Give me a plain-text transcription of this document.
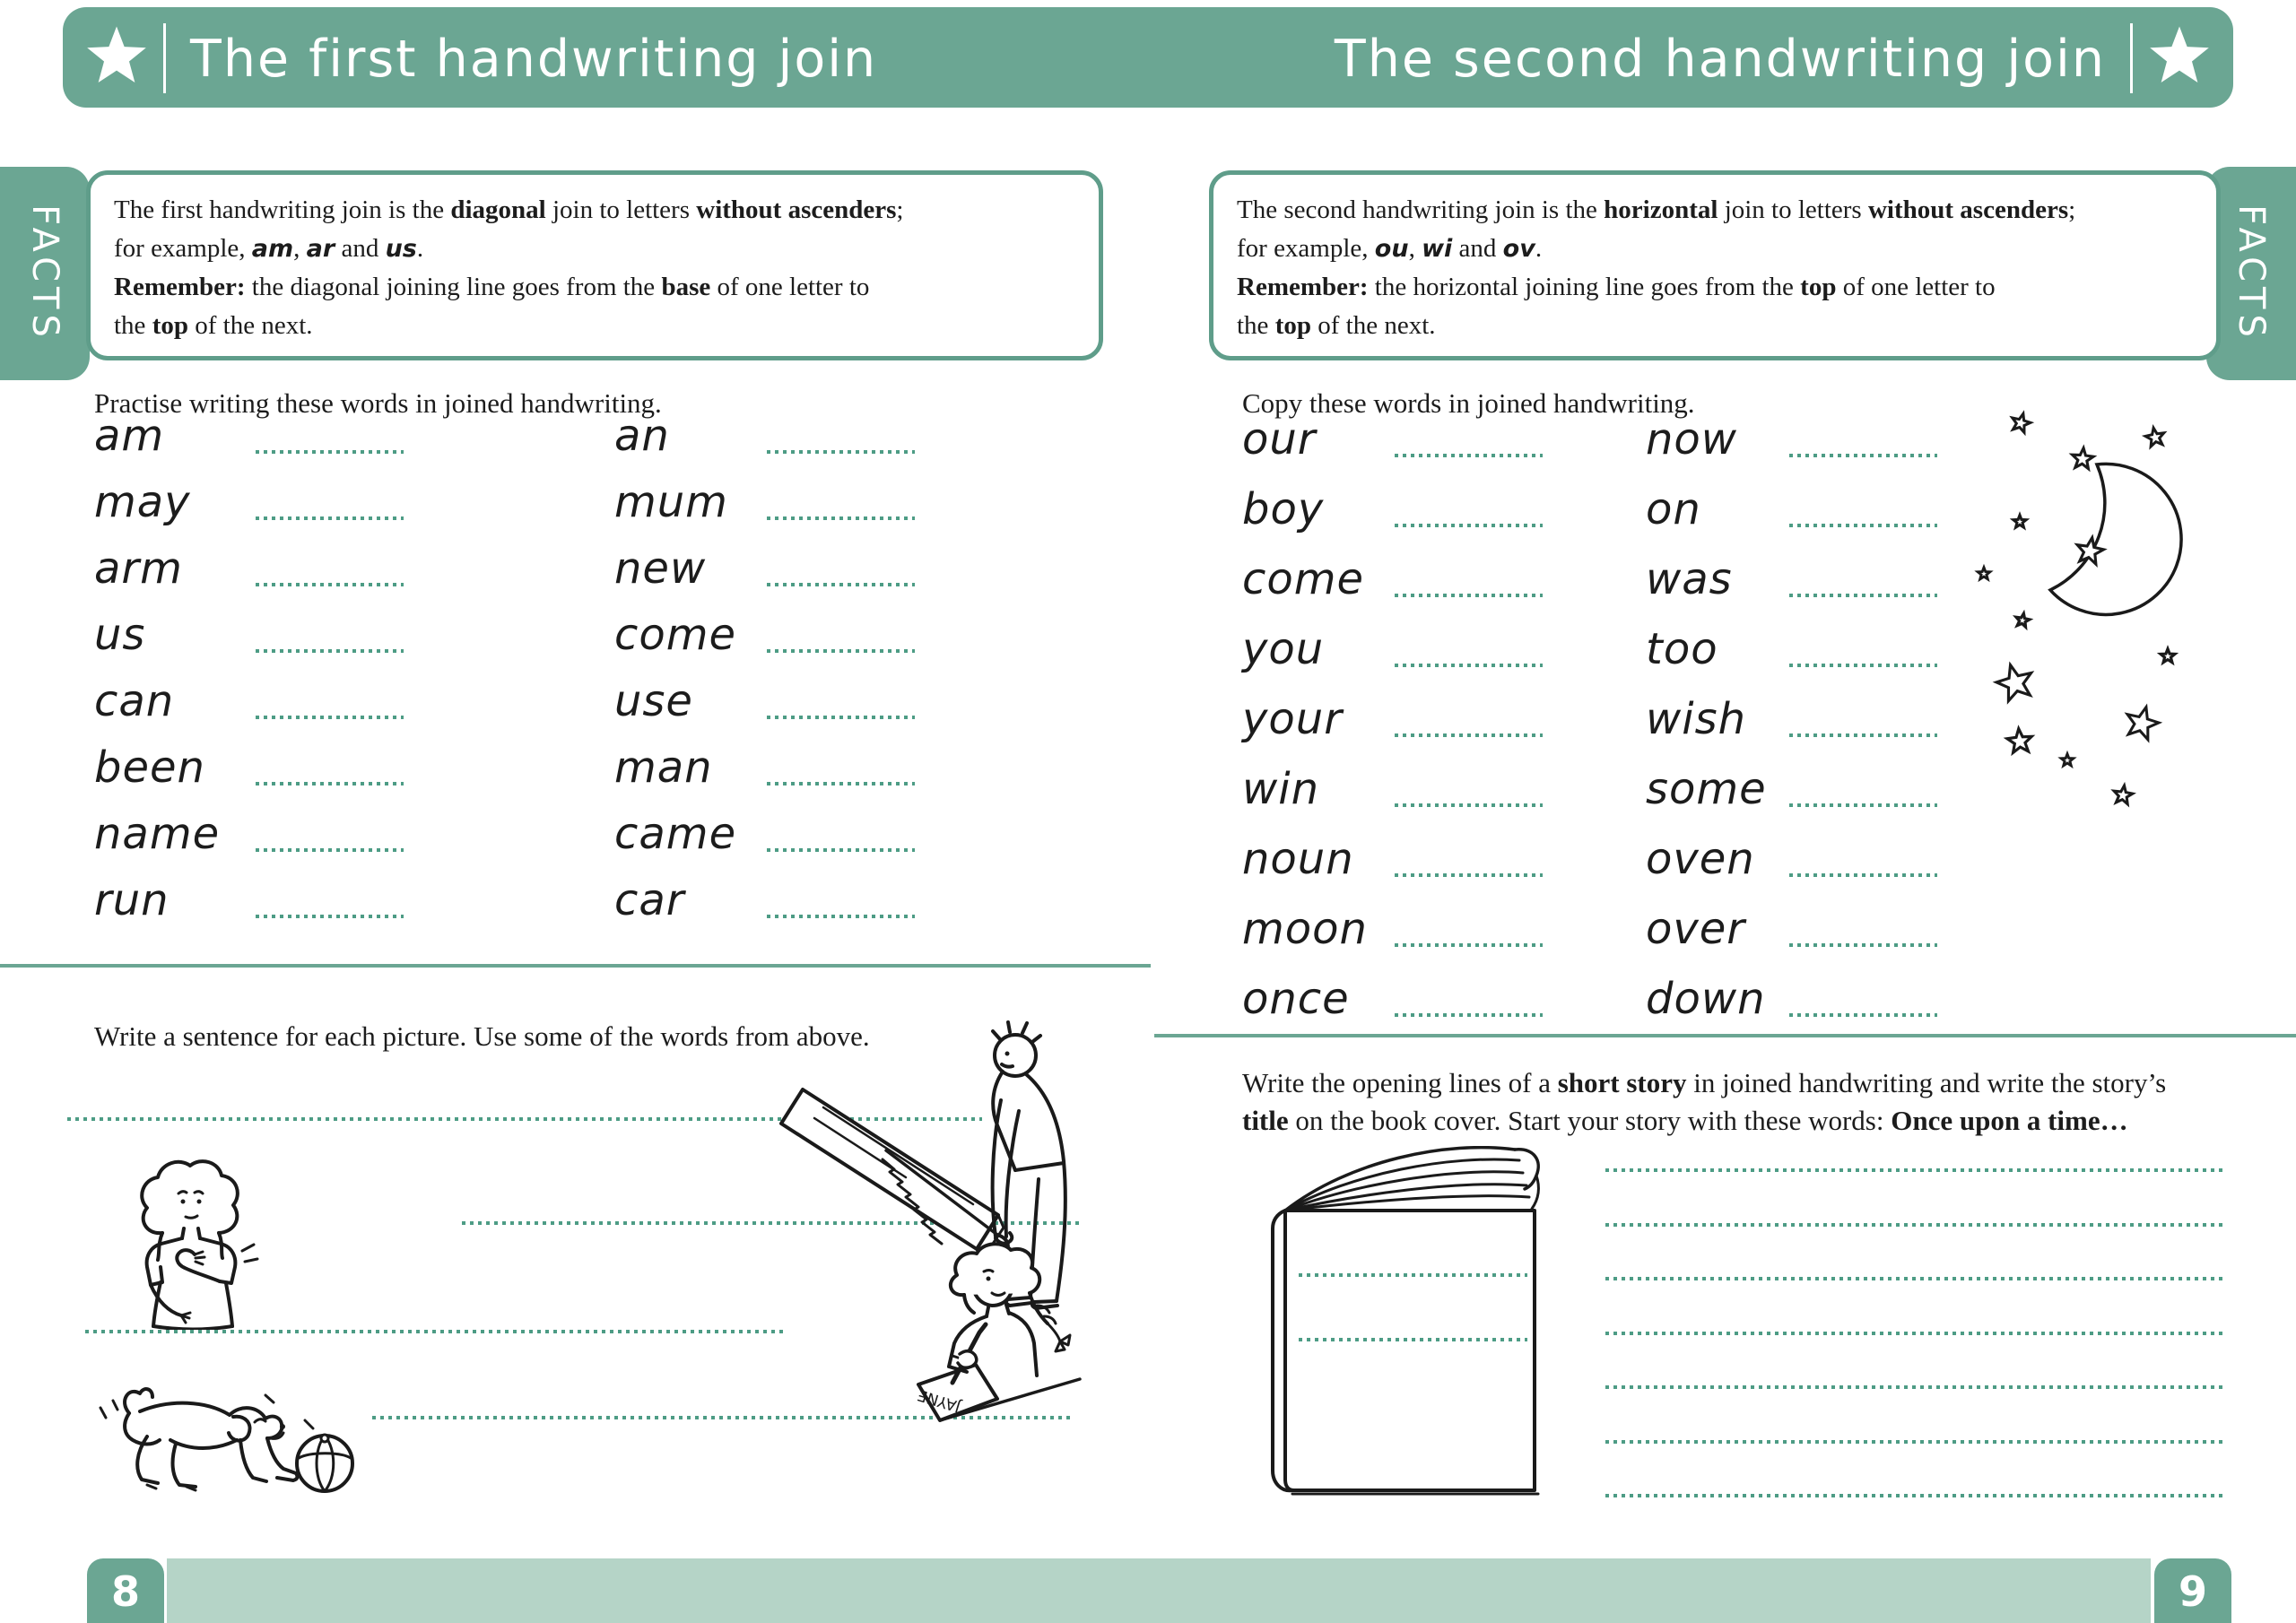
The first handwriting join	The second handwriting join
FACTS	FACTS
The first handwriting join is the diagonal join to letters without ascenders;
for example, am, ar and us.
Remember: the diagonal joining line goes from the base of one letter to
the top of the next.
The second handwriting join is the horizontal join to letters without ascenders;
for example, ou, wi and ov.
Remember: the horizontal joining line goes from the top of one letter to
the top of the next.
Practise writing these words in joined handwriting.	Copy these words in joined handwriting.
am
may
arm
us
can
been
name
run
an
mum
new
come
use
man
came
car
our
boy
come
you
your
win
noun
moon
once
now
on
was
too
wish
some
oven
over
down
Write a sentence for each picture. Use some of the words from above.
JAYNE
Write the opening lines of a short story in joined handwriting and write the story’s
title on the book cover. Start your story with these words: Once upon a time…
8	9
